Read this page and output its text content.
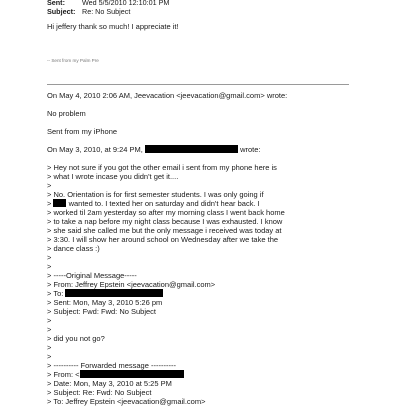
Sent: Wed 5/5/2010 12:10:01 PM
Subject: Re: No Subject
Hi jeffery thank so much! I appreciate it!
-- Sent from my Palm Pre
On May 4, 2010 2:06 AM, Jeevacation <jeevacation@gmail.com> wrote:
No problem
Sent from my iPhone
On May 3, 2010, at 9:24 PM,	wrote:
> Hey not sure if you got the other email i sent from my phone here is
> what I wrote incase you didn't get it....
>
> No. Orientation is for first semester students. I was only going if
> wanted to. I texted her on saturday and didn't hear back. I
> worked til 2am yesterday so after my morning class I went back home
> to take a nap before my night class because I was exhausted. I know
> she said she called me but the only message i received was today at
> 3:30. I will show her around school on Wednesday after we take the
> dance class :)
>
>
> -----Original Message-----
> From: Jeffrey Epstein <jeevacation@gmail.com>
> To:
> Sent: Mon, May 3, 2010 5:26 pm
> Subject: Fwd: Fwd: No Subject
>
>
> did you not go?
>
>
> ---------- Forwarded message ----------
> From: <
> Date: Mon, May 3, 2010 at 5:25 PM
> Subject: Re: Fwd: No Subject
> To: Jeffrey Epstein <jeevacation@gmail.com>
